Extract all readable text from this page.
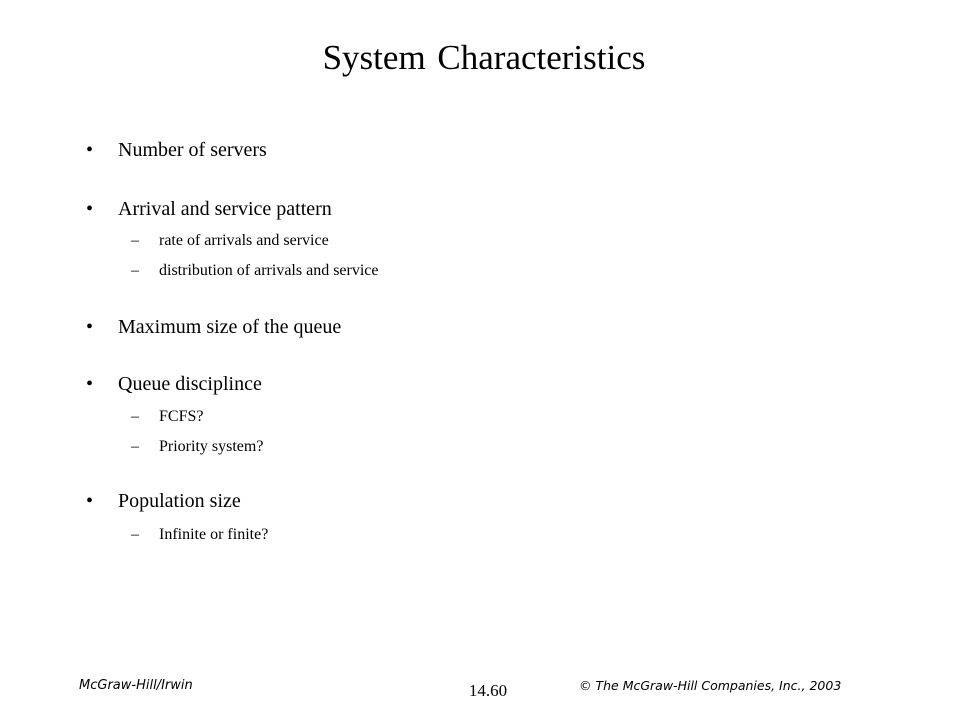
System Characteristics
• Number of servers
• Arrival and service pattern
– rate of arrivals and service
– distribution of arrivals and service
• Maximum size of the queue
• Queue disciplince
– FCFS?
– Priority system?
• Population size
– Infinite or finite?
McGraw-Hill/Irwin	14.60	© The McGraw-Hill Companies, Inc., 2003
